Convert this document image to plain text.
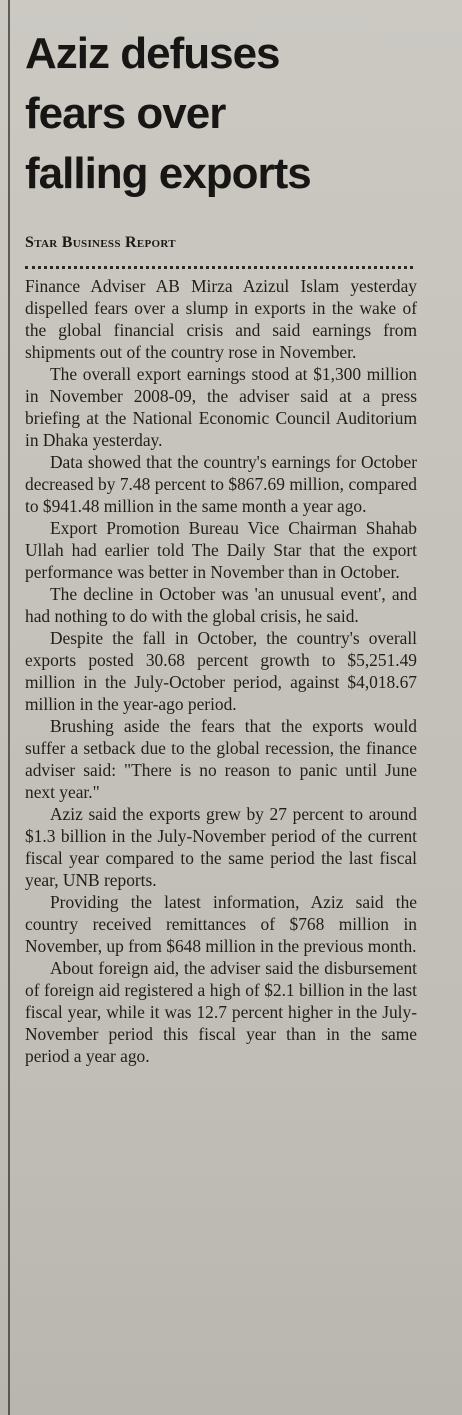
Aziz defuses
fears over
falling exports
Star Business Report

Finance Adviser AB Mirza Azizul Islam yesterday dispelled fears over a slump in exports in the wake of the global financial crisis and said earnings from shipments out of the country rose in November.

The overall export earnings stood at $1,300 million in November 2008-09, the adviser said at a press briefing at the National Economic Council Auditorium in Dhaka yesterday.

Data showed that the country's earnings for October decreased by 7.48 percent to $867.69 million, compared to $941.48 million in the same month a year ago.

Export Promotion Bureau Vice Chairman Shahab Ullah had earlier told The Daily Star that the export performance was better in November than in October.

The decline in October was 'an unusual event', and had nothing to do with the global crisis, he said.

Despite the fall in October, the country's overall exports posted 30.68 percent growth to $5,251.49 million in the July-October period, against $4,018.67 million in the year-ago period.

Brushing aside the fears that the exports would suffer a setback due to the global recession, the finance adviser said: "There is no reason to panic until June next year."

Aziz said the exports grew by 27 percent to around $1.3 billion in the July-November period of the current fiscal year compared to the same period the last fiscal year, UNB reports.

Providing the latest information, Aziz said the country received remittances of $768 million in November, up from $648 million in the previous month.

About foreign aid, the adviser said the disbursement of foreign aid registered a high of $2.1 billion in the last fiscal year, while it was 12.7 percent higher in the July-November period this fiscal year than in the same period a year ago.
